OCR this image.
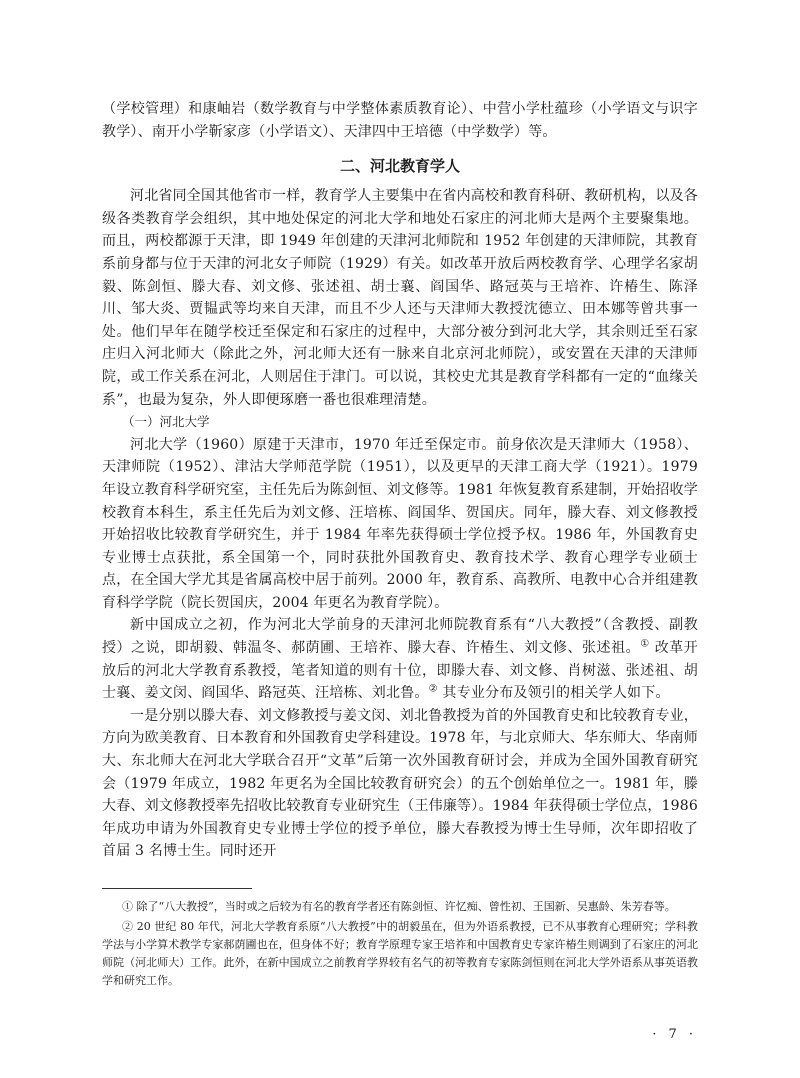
（学校管理）和康岫岩（数学教育与中学整体素质教育论）、中营小学杜蕴珍（小学语文与识字教学）、南开小学靳家彦（小学语文）、天津四中王培德（中学数学）等。

二、河北教育学人

河北省同全国其他省市一样，教育学人主要集中在省内高校和教育科研、教研机构，以及各级各类教育学会组织，其中地处保定的河北大学和地处石家庄的河北师大是两个主要聚集地。而且，两校都源于天津，即 1949 年创建的天津河北师院和 1952 年创建的天津师院，其教育系前身都与位于天津的河北女子师院（1929）有关。如改革开放后两校教育学、心理学名家胡毅、陈剑恒、滕大春、刘文修、张述祖、胡士襄、阎国华、路冠英与王培祚、许椿生、陈泽川、邹大炎、贾韫武等均来自天津，而且不少人还与天津师大教授沈德立、田本娜等曾共事一处。他们早年在随学校迁至保定和石家庄的过程中，大部分被分到河北大学，其余则迁至石家庄归入河北师大（除此之外，河北师大还有一脉来自北京河北师院），或安置在天津的天津师院，或工作关系在河北，人则居住于津门。可以说，其校史尤其是教育学科都有一定的“血缘关系”，也最为复杂，外人即便琢磨一番也很难理清楚。

（一）河北大学

河北大学（1960）原建于天津市，1970 年迁至保定市。前身依次是天津师大（1958）、天津师院（1952）、津沽大学师范学院（1951），以及更早的天津工商大学（1921）。1979 年设立教育科学研究室，主任先后为陈剑恒、刘文修等。1981 年恢复教育系建制，开始招收学校教育本科生，系主任先后为刘文修、汪培栋、阎国华、贺国庆。同年，滕大春、刘文修教授开始招收比较教育学研究生，并于 1984 年率先获得硕士学位授予权。1986 年，外国教育史专业博士点获批，系全国第一个，同时获批外国教育史、教育技术学、教育心理学专业硕士点，在全国大学尤其是省属高校中居于前列。2000 年，教育系、高教所、电教中心合并组建教育科学学院（院长贺国庆，2004 年更名为教育学院）。

新中国成立之初，作为河北大学前身的天津河北师院教育系有“八大教授”（含教授、副教授）之说，即胡毅、韩温冬、郝荫圃、王培祚、滕大春、许椿生、刘文修、张述祖。① 改革开放后的河北大学教育系教授，笔者知道的则有十位，即滕大春、刘文修、肖树滋、张述祖、胡士襄、姜文闵、阎国华、路冠英、汪培栋、刘北鲁。② 其专业分布及领引的相关学人如下。

一是分别以滕大春、刘文修教授与姜文闵、刘北鲁教授为首的外国教育史和比较教育专业，方向为欧美教育、日本教育和外国教育史学科建设。1978 年，与北京师大、华东师大、华南师大、东北师大在河北大学联合召开“文革”后第一次外国教育研讨会，并成为全国外国教育研究会（1979 年成立，1982 年更名为全国比较教育研究会）的五个创始单位之一。1981 年，滕大春、刘文修教授率先招收比较教育专业研究生（王伟廉等）。1984 年获得硕士学位点，1986 年成功申请为外国教育史专业博士学位的授予单位，滕大春教授为博士生导师，次年即招收了首届 3 名博士生。同时还开

① 除了“八大教授”，当时或之后较为有名的教育学者还有陈剑恒、许忆痴、曾性初、王国新、吴惠龄、朱芳春等。

② 20 世纪 80 年代，河北大学教育系原“八大教授”中的胡毅虽在，但为外语系教授，已不从事教育心理研究；学科教学法与小学算术教学专家郝荫圃也在，但身体不好；教育学原理专家王培祚和中国教育史专家许椿生则调到了石家庄的河北师院（河北师大）工作。此外，在新中国成立之前教育学界较有名气的初等教育专家陈剑恒则在河北大学外语系从事英语教学和研究工作。

· 7 ·
